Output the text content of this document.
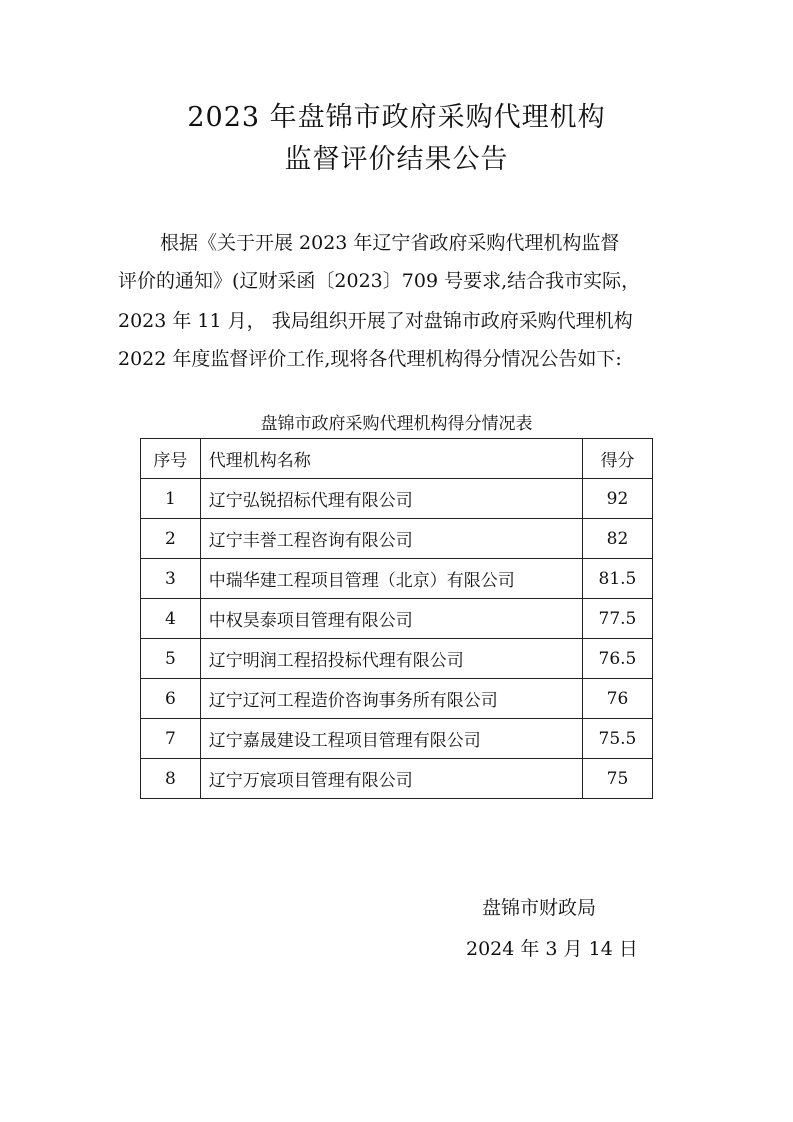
2023 年盘锦市政府采购代理机构
监督评价结果公告
根据《关于开展 2023 年辽宁省政府采购代理机构监督
评价的通知》(辽财采函〔2023〕709 号要求,结合我市实际，
2023 年 11 月， 我局组织开展了对盘锦市政府采购代理机构
2022 年度监督评价工作,现将各代理机构得分情况公告如下:
盘锦市政府采购代理机构得分情况表
序号	代理机构名称	得分
1	辽宁弘锐招标代理有限公司	92
2	辽宁丰誉工程咨询有限公司	82
3	中瑞华建工程项目管理（北京）有限公司	81.5
4	中权昊泰项目管理有限公司	77.5
5	辽宁明润工程招投标代理有限公司	76.5
6	辽宁辽河工程造价咨询事务所有限公司	76
7	辽宁嘉晟建设工程项目管理有限公司	75.5
8	辽宁万宸项目管理有限公司	75
盘锦市财政局
2024 年 3 月 14 日
